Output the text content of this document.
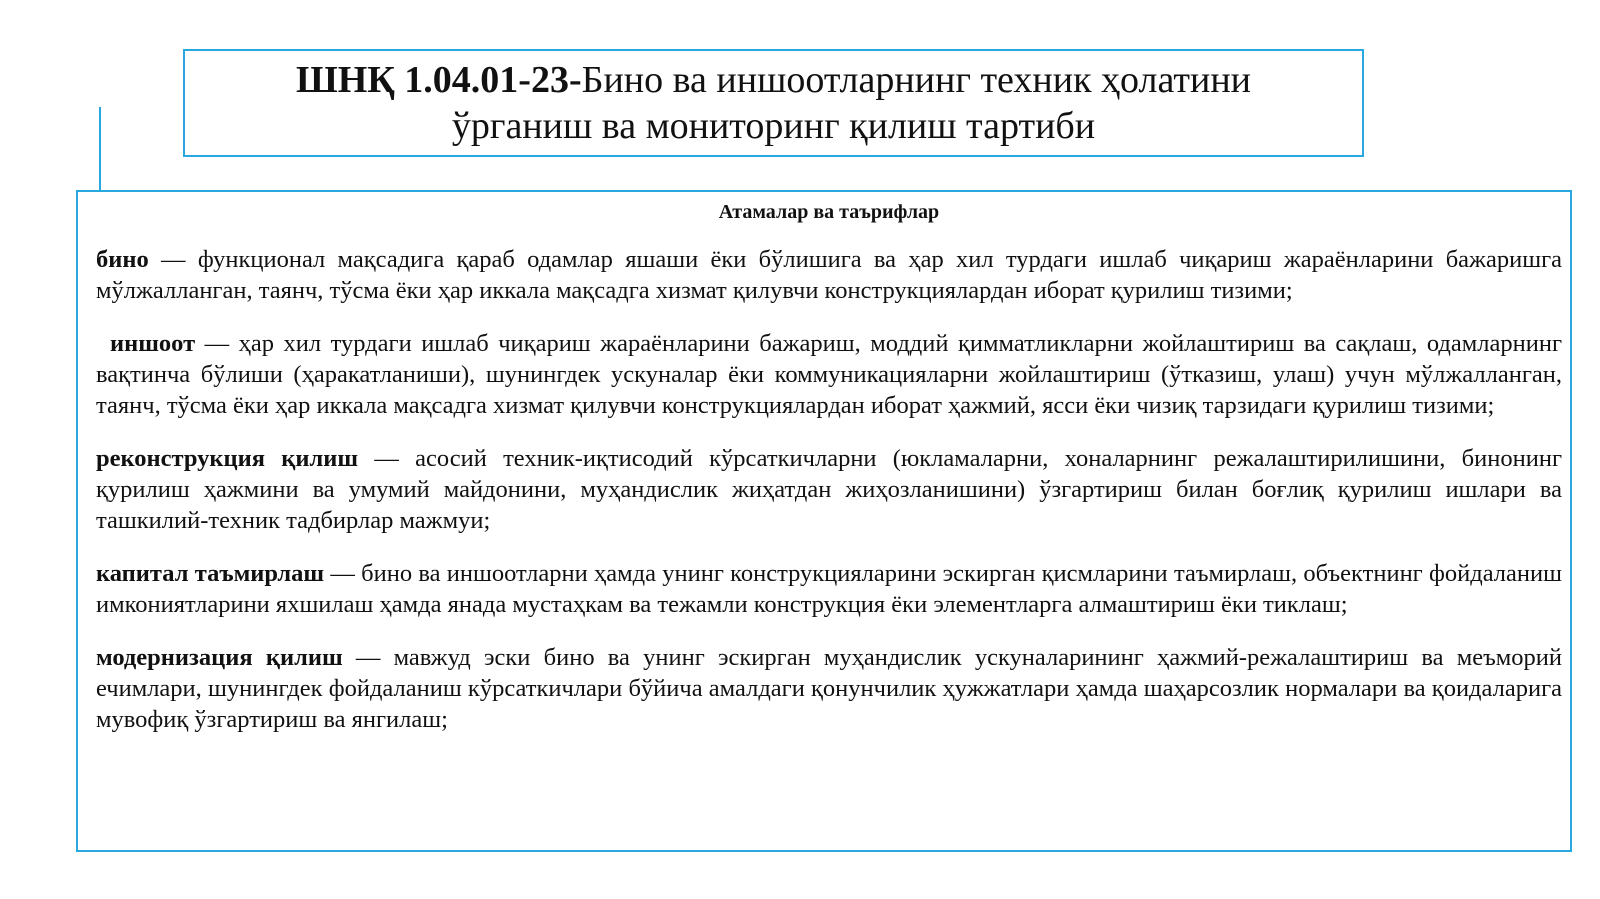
ШНҚ 1.04.01-23-Бино ва иншоотларнинг техник ҳолатини
ўрганиш ва мониторинг қилиш тартиби
Атамалар ва таърифлар

бино — функционал мақсадига қараб одамлар яшаши ёки бўлишига ва ҳар хил турдаги ишлаб чиқариш жараёнларини бажаришга мўлжалланган, таянч, тўсма ёки ҳар иккала мақсадга хизмат қилувчи конструкциялардан иборат қурилиш тизими;

иншоот — ҳар хил турдаги ишлаб чиқариш жараёнларини бажариш, моддий қимматликларни жойлаштириш ва сақлаш, одамларнинг вақтинча бўлиши (ҳаракатланиши), шунингдек ускуналар ёки коммуникацияларни жойлаштириш (ўтказиш, улаш) учун мўлжалланган, таянч, тўсма ёки ҳар иккала мақсадга хизмат қилувчи конструкциялардан иборат ҳажмий, ясси ёки чизиқ тарзидаги қурилиш тизими;

реконструкция қилиш — асосий техник-иқтисодий кўрсаткичларни (юкламаларни, хоналарнинг режалаштирилишини, бинонинг қурилиш ҳажмини ва умумий майдонини, муҳандислик жиҳатдан жиҳозланишини) ўзгартириш билан боғлиқ қурилиш ишлари ва ташкилий-техник тадбирлар мажмуи;

капитал таъмирлаш — бино ва иншоотларни ҳамда унинг конструкцияларини эскирган қисмларини таъмирлаш, объектнинг фойдаланиш имкониятларини яхшилаш ҳамда янада мустаҳкам ва тежамли конструкция ёки элементларга алмаштириш ёки тиклаш;

модернизация қилиш — мавжуд эски бино ва унинг эскирган муҳандислик ускуналарининг ҳажмий-режалаштириш ва меъморий ечимлари, шунингдек фойдаланиш кўрсаткичлари бўйича амалдаги қонунчилик ҳужжатлари ҳамда шаҳарсозлик нормалари ва қоидаларига мувофиқ ўзгартириш ва янгилаш;
